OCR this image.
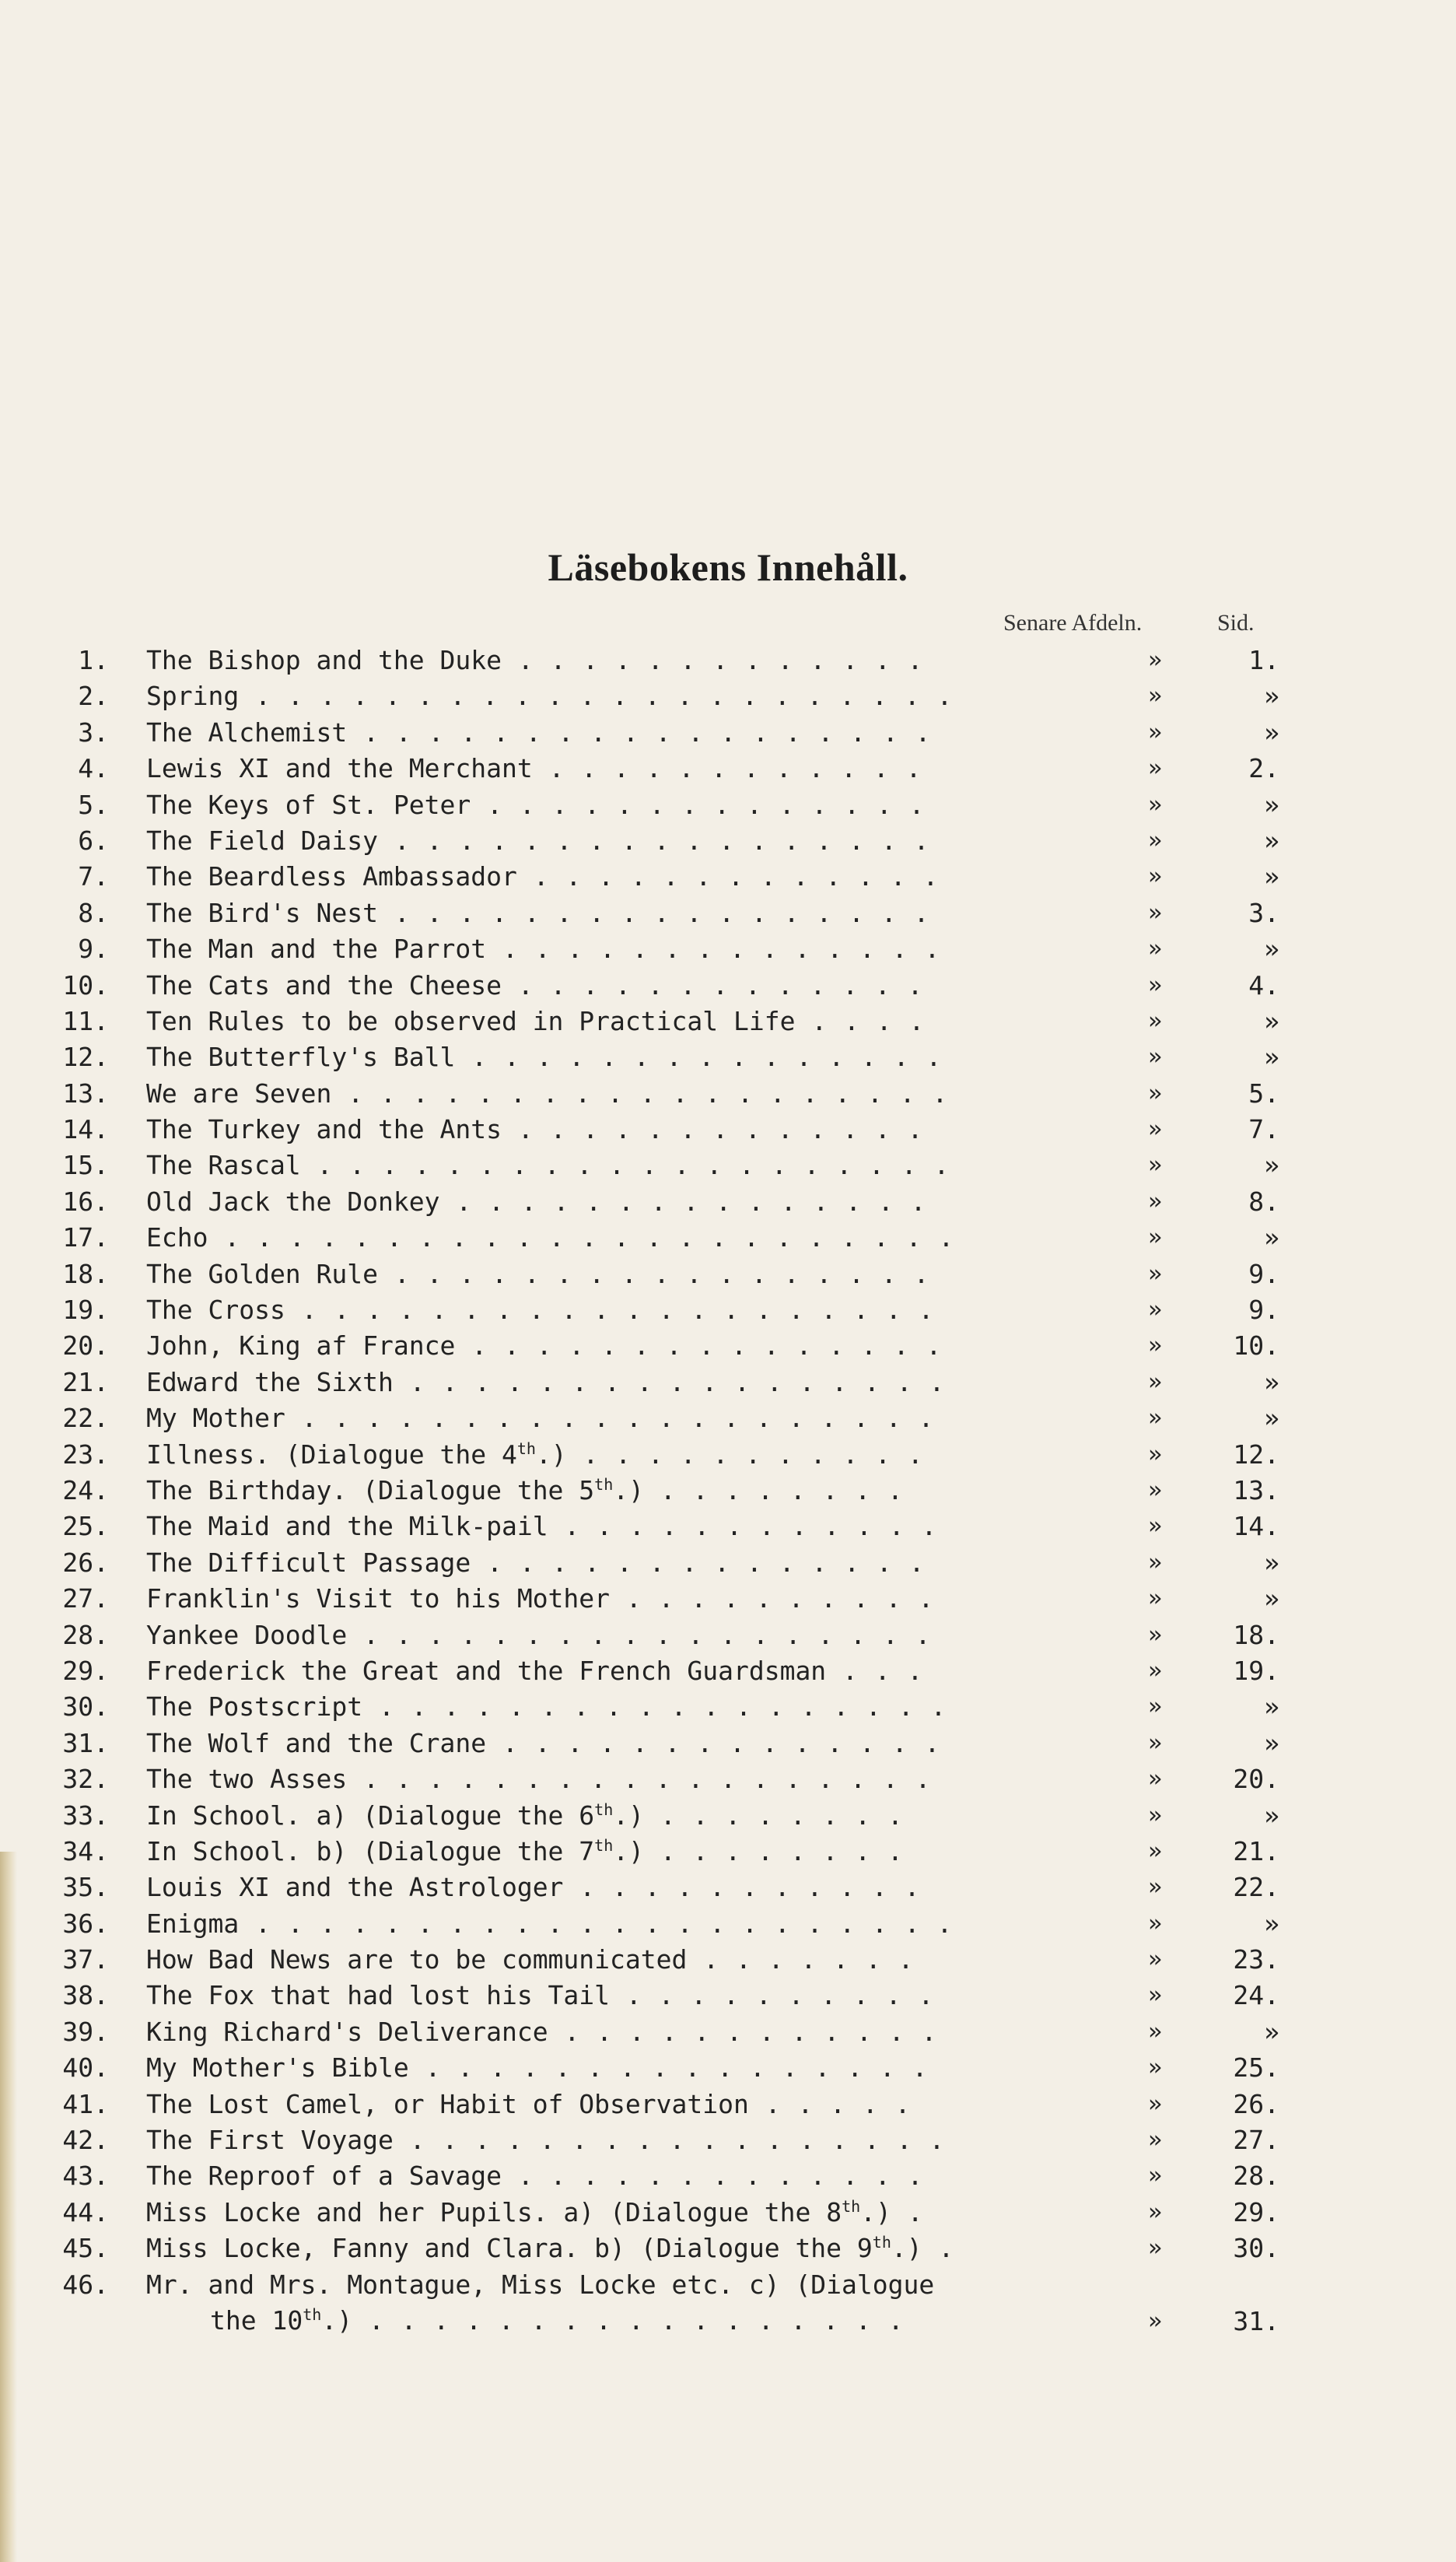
Läsebokens Innehåll.
Senare Afdeln.	Sid.
1. The Bishop and the Duke . . . . . . . . . . . . .	»	1.
2. Spring . . . . . . . . . . . . . . . . . . . . . .	»	»
3. The Alchemist . . . . . . . . . . . . . . . . . .	»	»
4. Lewis XI and the Merchant . . . . . . . . . . . .	»	2.
5. The Keys of St. Peter . . . . . . . . . . . . . .	»	»
6. The Field Daisy . . . . . . . . . . . . . . . . .	»	»
7. The Beardless Ambassador . . . . . . . . . . . . .	»	»
8. The Bird's Nest . . . . . . . . . . . . . . . . .	»	3.
9. The Man and the Parrot . . . . . . . . . . . . . .	»	»
10. The Cats and the Cheese . . . . . . . . . . . . .	»	4.
11. Ten Rules to be observed in Practical Life . . . .	»	»
12. The Butterfly's Ball . . . . . . . . . . . . . . .	»	»
13. We are Seven . . . . . . . . . . . . . . . . . . .	»	5.
14. The Turkey and the Ants . . . . . . . . . . . . .	»	7.
15. The Rascal . . . . . . . . . . . . . . . . . . . .	»	»
16. Old Jack the Donkey . . . . . . . . . . . . . . .	»	8.
17. Echo . . . . . . . . . . . . . . . . . . . . . . .	»	»
18. The Golden Rule . . . . . . . . . . . . . . . . .	»	9.
19. The Cross . . . . . . . . . . . . . . . . . . . .	»	9.
20. John, King af France . . . . . . . . . . . . . . .	»	10.
21. Edward the Sixth . . . . . . . . . . . . . . . . .	»	»
22. My Mother . . . . . . . . . . . . . . . . . . . .	»	»
23. Illness. (Dialogue the 4th.) . . . . . . . . . . .	»	12.
24. The Birthday. (Dialogue the 5th.) . . . . . . . .	»	13.
25. The Maid and the Milk-pail . . . . . . . . . . . .	»	14.
26. The Difficult Passage . . . . . . . . . . . . . .	»	»
27. Franklin's Visit to his Mother . . . . . . . . . .	»	»
28. Yankee Doodle . . . . . . . . . . . . . . . . . .	»	18.
29. Frederick the Great and the French Guardsman . . .	»	19.
30. The Postscript . . . . . . . . . . . . . . . . . .	»	»
31. The Wolf and the Crane . . . . . . . . . . . . . .	»	»
32. The two Asses . . . . . . . . . . . . . . . . . .	»	20.
33. In School. a) (Dialogue the 6th.) . . . . . . . .	»	»
34. In School. b) (Dialogue the 7th.) . . . . . . . .	»	21.
35. Louis XI and the Astrologer . . . . . . . . . . .	»	22.
36. Enigma . . . . . . . . . . . . . . . . . . . . . .	»	»
37. How Bad News are to be communicated . . . . . . .	»	23.
38. The Fox that had lost his Tail . . . . . . . . . .	»	24.
39. King Richard's Deliverance . . . . . . . . . . . .	»	»
40. My Mother's Bible . . . . . . . . . . . . . . . .	»	25.
41. The Lost Camel, or Habit of Observation . . . . .	»	26.
42. The First Voyage . . . . . . . . . . . . . . . . .	»	27.
43. The Reproof of a Savage . . . . . . . . . . . . .	»	28.
44. Miss Locke and her Pupils. a) (Dialogue the 8th.) .	»	29.
45. Miss Locke, Fanny and Clara. b) (Dialogue the 9th.) .	»	30.
46. Mr. and Mrs. Montague, Miss Locke etc. c) (Dialogue

the 10th.) . . . . . . . . . . . . . . . . .	»	31.
